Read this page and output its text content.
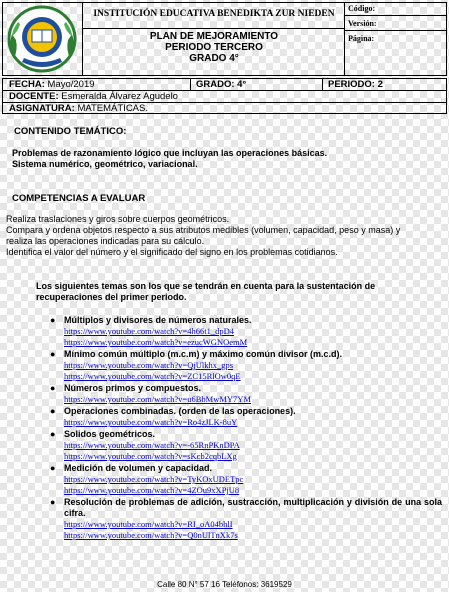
INSTITUCIÓN EDUCATIVA BENEDIKTA ZUR NIEDEN
PLAN DE MEJORAMIENTO
PERIODO TERCERO
GRADO 4°
Código:
Versión:
Página:
FECHA: Mayo/2019	GRADO: 4°	PERIODO: 2
DOCENTE: Esmeralda Álvarez Agudelo
ASIGNATURA: MATEMÁTICAS.
CONTENIDO TEMÁTICO:
Problemas de razonamiento lógico que incluyan las operaciones básicas.
Sistema numérico, geométrico, variacional.
COMPETENCIAS A EVALUAR
Realiza traslaciones y giros sobre cuerpos geométricos.
Compara y ordena objetos respecto a sus atributos medibles (volumen, capacidad, peso y masa) y
realiza las operaciones indicadas para su cálculo.
Identifica el valor del número y el significado del signo en los problemas cotidianos.
Los siguientes temas son los que se tendrán en cuenta para la sustentación de
recuperaciones del primer periodo.
● Múltiplos y divisores de números naturales.
https://www.youtube.com/watch?v=4h66t1_dpD4
https://www.youtube.com/watch?v=ezucWGNOemM
● Mínimo común múltiplo (m.c.m) y máximo común divisor (m.c.d).
https://www.youtube.com/watch?v=QjUlkhx_gps
https://www.youtube.com/watch?v=ZC15RlOw0qE
● Números primos y compuestos.
https://www.youtube.com/watch?v=u6BbMwMY7YM
● Operaciones combinadas. (orden de las operaciones).
https://www.youtube.com/watch?v=Ro4zJLK-8uY
● Solidos geométricos.
https://www.youtube.com/watch?v=-65RnPKnDPA
https://www.youtube.com/watch?v=sKcb2cqbLXg
● Medición de volumen y capacidad.
https://www.youtube.com/watch?v=TyKOxUDETpc
https://www.youtube.com/watch?v=4ZOu9xXPjU8
● Resolución de problemas de adición, sustracción, multiplicación y división de una sola cifra.
https://www.youtube.com/watch?v=RI_oA04bhlI
https://www.youtube.com/watch?v=Q0nUlTnXk7s
Calle 80 N° 57 16 Teléfonos: 3619529
